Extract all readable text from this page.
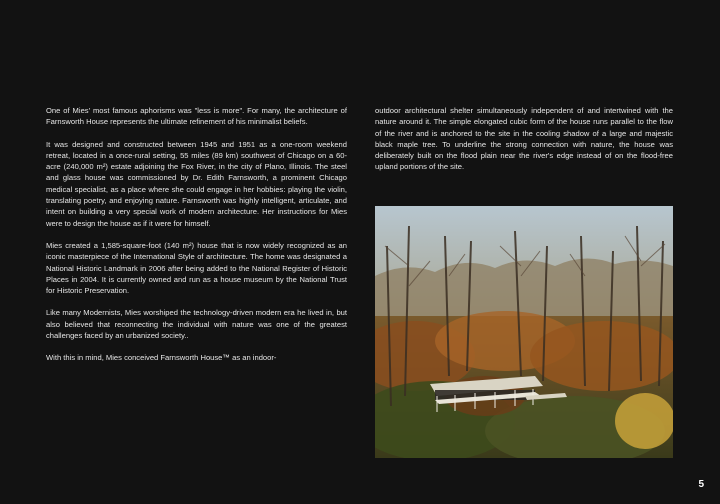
One of Mies' most famous aphorisms was "less is more". For many, the architecture of Farnsworth House represents the ultimate refinement of his minimalist beliefs.

It was designed and constructed between 1945 and 1951 as a one-room weekend retreat, located in a once-rural setting, 55 miles (89 km) southwest of Chicago on a 60-acre (240,000 m²) estate adjoining the Fox River, in the city of Plano, Illinois. The steel and glass house was commissioned by Dr. Edith Farnsworth, a prominent Chicago medical specialist, as a place where she could engage in her hobbies: playing the violin, translating poetry, and enjoying nature. Farnsworth was highly intelligent, articulate, and intent on building a very special work of modern architecture. Her instructions for Mies were to design the house as if it were for himself.

Mies created a 1,585-square-foot (140 m²) house that is now widely recognized as an iconic masterpiece of the International Style of architecture. The home was designated a National Historic Landmark in 2006 after being added to the National Register of Historic Places in 2004. It is currently owned and run as a house museum by the National Trust for Historic Preservation.

Like many Modernists, Mies worshiped the technology-driven modern era he lived in, but also believed that reconnecting the individual with nature was one of the greatest challenges faced by an urbanized society..

With this in mind, Mies conceived Farnsworth House™ as an indoor-

outdoor architectural shelter simultaneously independent of and intertwined with the nature around it. The simple elongated cubic form of the house runs parallel to the flow of the river and is anchored to the site in the cooling shadow of a large and majestic black maple tree. To underline the strong connection with nature, the house was deliberately built on the flood plain near the river's edge instead of on the flood-free upland portions of the site.

5
